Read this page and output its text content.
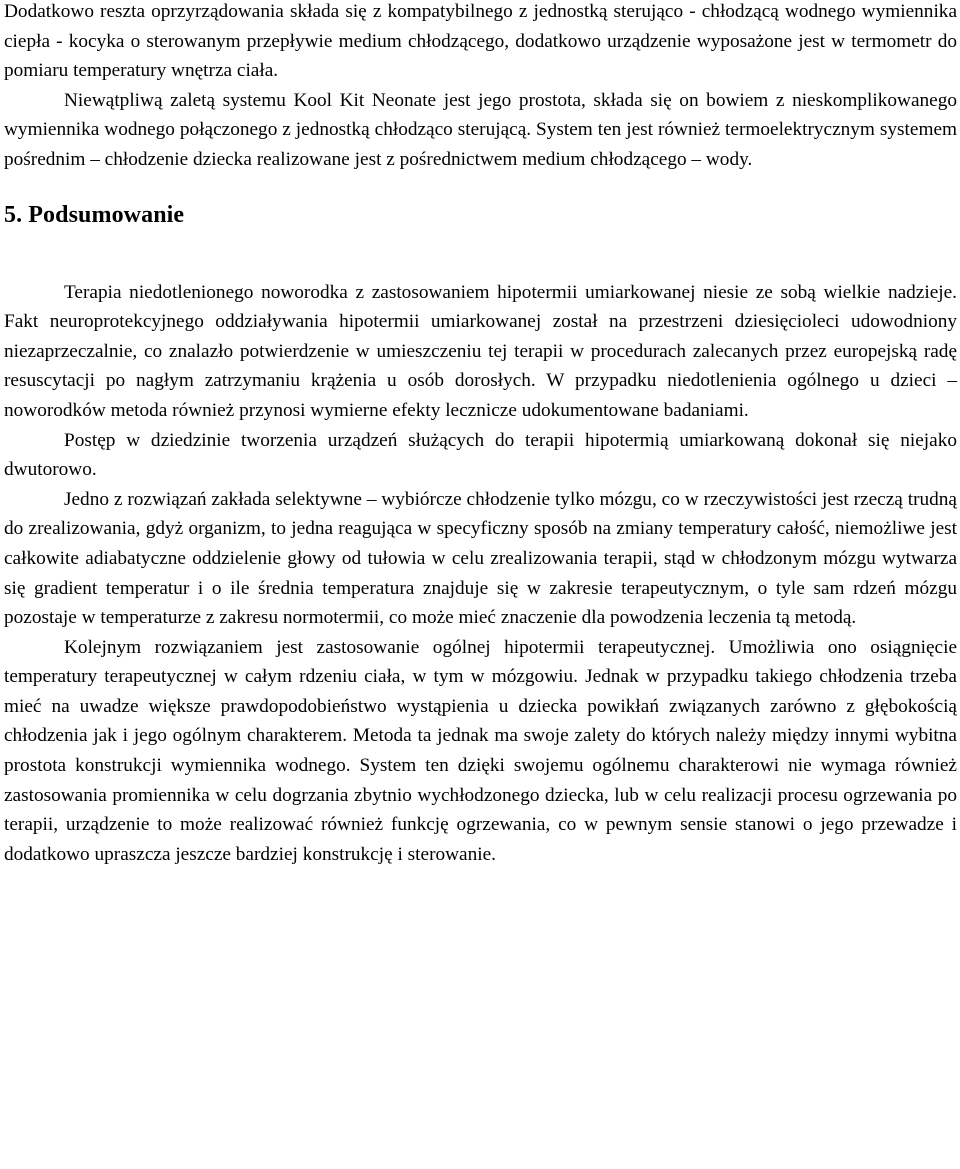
Dodatkowo reszta oprzyrządowania składa się z kompatybilnego z jednostką sterująco - chłodzącą wodnego wymiennika ciepła - kocyka o sterowanym przepływie medium chłodzącego, dodatkowo urządzenie wyposażone jest w termometr do pomiaru temperatury wnętrza ciała.

Niewątpliwą zaletą systemu Kool Kit Neonate jest jego prostota, składa się on bowiem z nieskomplikowanego wymiennika wodnego połączonego z jednostką chłodząco sterującą. System ten jest również termoelektrycznym systemem pośrednim – chłodzenie dziecka realizowane jest z pośrednictwem medium chłodzącego – wody.

5. Podsumowanie

Terapia niedotlenionego noworodka z zastosowaniem hipotermii umiarkowanej niesie ze sobą wielkie nadzieje. Fakt neuroprotekcyjnego oddziaływania hipotermii umiarkowanej został na przestrzeni dziesięcioleci udowodniony niezaprzeczalnie, co znalazło potwierdzenie w umieszczeniu tej terapii w procedurach zalecanych przez europejską radę resuscytacji po nagłym zatrzymaniu krążenia u osób dorosłych. W przypadku niedotlenienia ogólnego u dzieci – noworodków metoda również przynosi wymierne efekty lecznicze udokumentowane badaniami.

Postęp w dziedzinie tworzenia urządzeń służących do terapii hipotermią umiarkowaną dokonał się niejako dwutorowo.

Jedno z rozwiązań zakłada selektywne – wybiórcze chłodzenie tylko mózgu, co w rzeczywistości jest rzeczą trudną do zrealizowania, gdyż organizm, to jedna reagująca w specyficzny sposób na zmiany temperatury całość, niemożliwe jest całkowite adiabatyczne oddzielenie głowy od tułowia w celu zrealizowania terapii, stąd w chłodzonym mózgu wytwarza się gradient temperatur i o ile średnia temperatura znajduje się w zakresie terapeutycznym, o tyle sam rdzeń mózgu pozostaje w temperaturze z zakresu normotermii, co może mieć znaczenie dla powodzenia leczenia tą metodą.

Kolejnym rozwiązaniem jest zastosowanie ogólnej hipotermii terapeutycznej. Umożliwia ono osiągnięcie temperatury terapeutycznej w całym rdzeniu ciała, w tym w mózgowiu. Jednak w przypadku takiego chłodzenia trzeba mieć na uwadze większe prawdopodobieństwo wystąpienia u dziecka powikłań związanych zarówno z głębokością chłodzenia jak i jego ogólnym charakterem. Metoda ta jednak ma swoje zalety do których należy między innymi wybitna prostota konstrukcji wymiennika wodnego. System ten dzięki swojemu ogólnemu charakterowi nie wymaga również zastosowania promiennika w celu dogrzania zbytnio wychłodzonego dziecka, lub w celu realizacji procesu ogrzewania po terapii, urządzenie to może realizować również funkcję ogrzewania, co w pewnym sensie stanowi o jego przewadze i dodatkowo upraszcza jeszcze bardziej konstrukcję i sterowanie.
